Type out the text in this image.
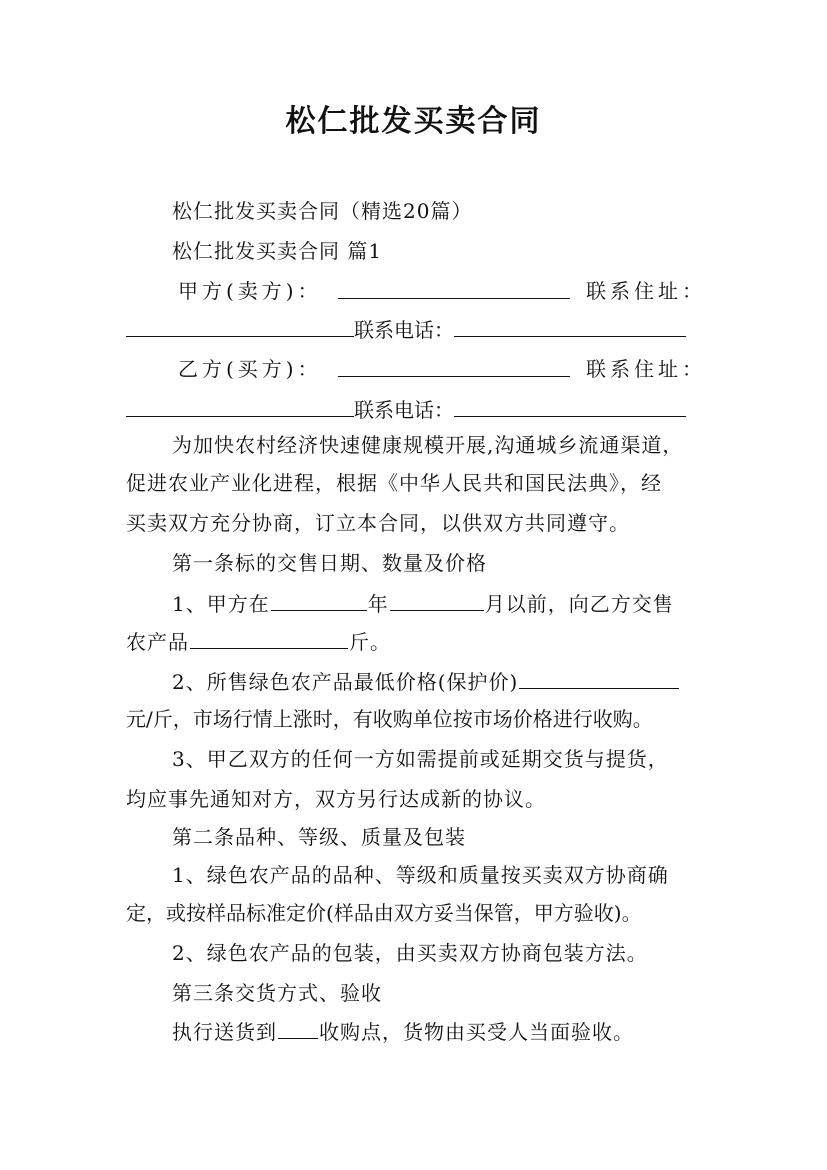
松仁批发买卖合同
松仁批发买卖合同（精选20篇）
松仁批发买卖合同 篇1
甲方(卖方)：	联系住址：
联系电话：
乙方(买方)：	联系住址：
联系电话：
为加快农村经济快速健康规模开展,沟通城乡流通渠道，
促进农业产业化进程，根据《中华人民共和国民法典》，经
买卖双方充分协商，订立本合同，以供双方共同遵守。
第一条标的交售日期、数量及价格
1、甲方在	年	月以前，向乙方交售
农产品	斤。
2、所售绿色农产品最低价格(保护价)
元/斤，市场行情上涨时，有收购单位按市场价格进行收购。
3、甲乙双方的任何一方如需提前或延期交货与提货，
均应事先通知对方，双方另行达成新的协议。
第二条品种、等级、质量及包装
1、绿色农产品的品种、等级和质量按买卖双方协商确
定，或按样品标准定价(样品由双方妥当保管，甲方验收)。
2、绿色农产品的包装，由买卖双方协商包装方法。
第三条交货方式、验收
执行送货到 收购点，货物由买受人当面验收。
